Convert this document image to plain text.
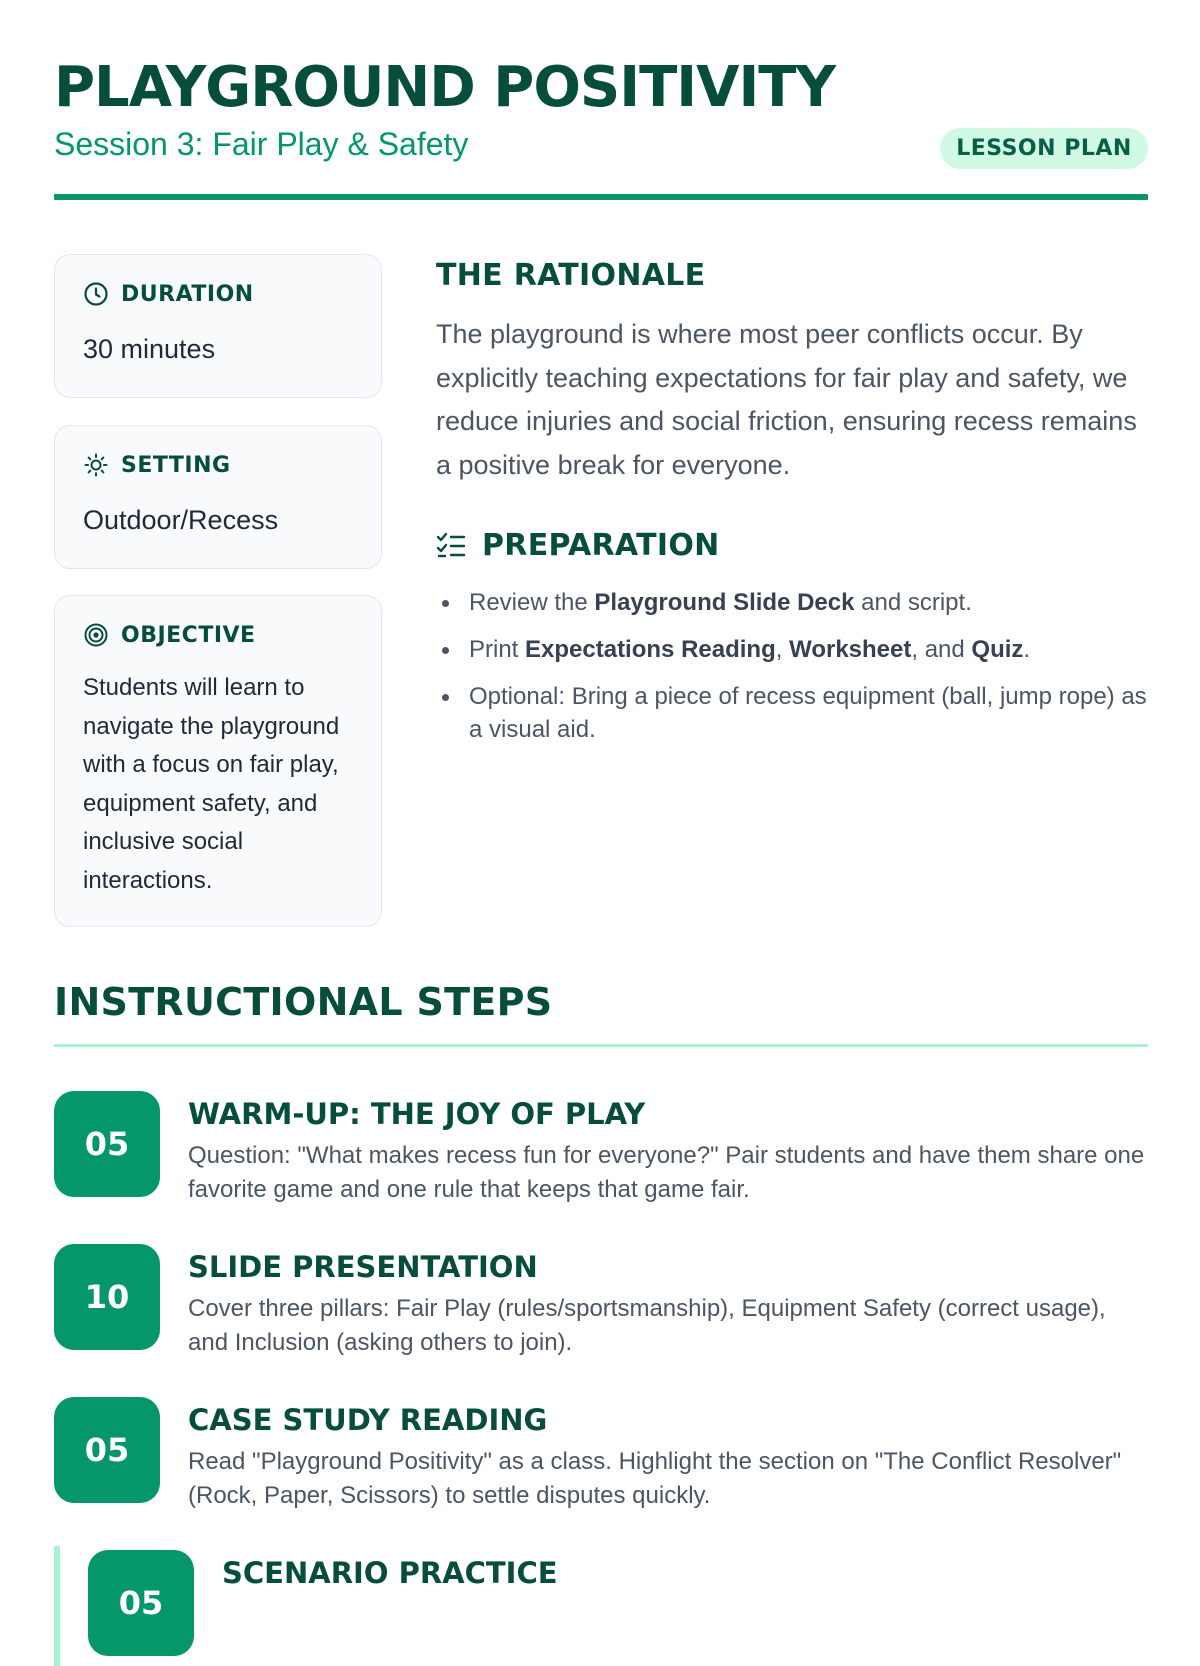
PLAYGROUND POSITIVITY
Session 3: Fair Play & Safety	LESSON PLAN
DURATION
30 minutes
SETTING
Outdoor/Recess
OBJECTIVE
Students will learn to navigate the playground with a focus on fair play, equipment safety, and inclusive social interactions.
THE RATIONALE

The playground is where most peer conflicts occur. By explicitly teaching expectations for fair play and safety, we reduce injuries and social friction, ensuring recess remains a positive break for everyone.

PREPARATION
Review the Playground Slide Deck and script.
Print Expectations Reading, Worksheet, and Quiz.
Optional: Bring a piece of recess equipment (ball, jump rope) as a visual aid.
INSTRUCTIONAL STEPS
05
WARM-UP: THE JOY OF PLAY
Question: "What makes recess fun for everyone?" Pair students and have them share one favorite game and one rule that keeps that game fair.
10
SLIDE PRESENTATION
Cover three pillars: Fair Play (rules/sportsmanship), Equipment Safety (correct usage), and Inclusion (asking others to join).
05
CASE STUDY READING
Read "Playground Positivity" as a class. Highlight the section on "The Conflict Resolver" (Rock, Paper, Scissors) to settle disputes quickly.
05
SCENARIO PRACTICE
